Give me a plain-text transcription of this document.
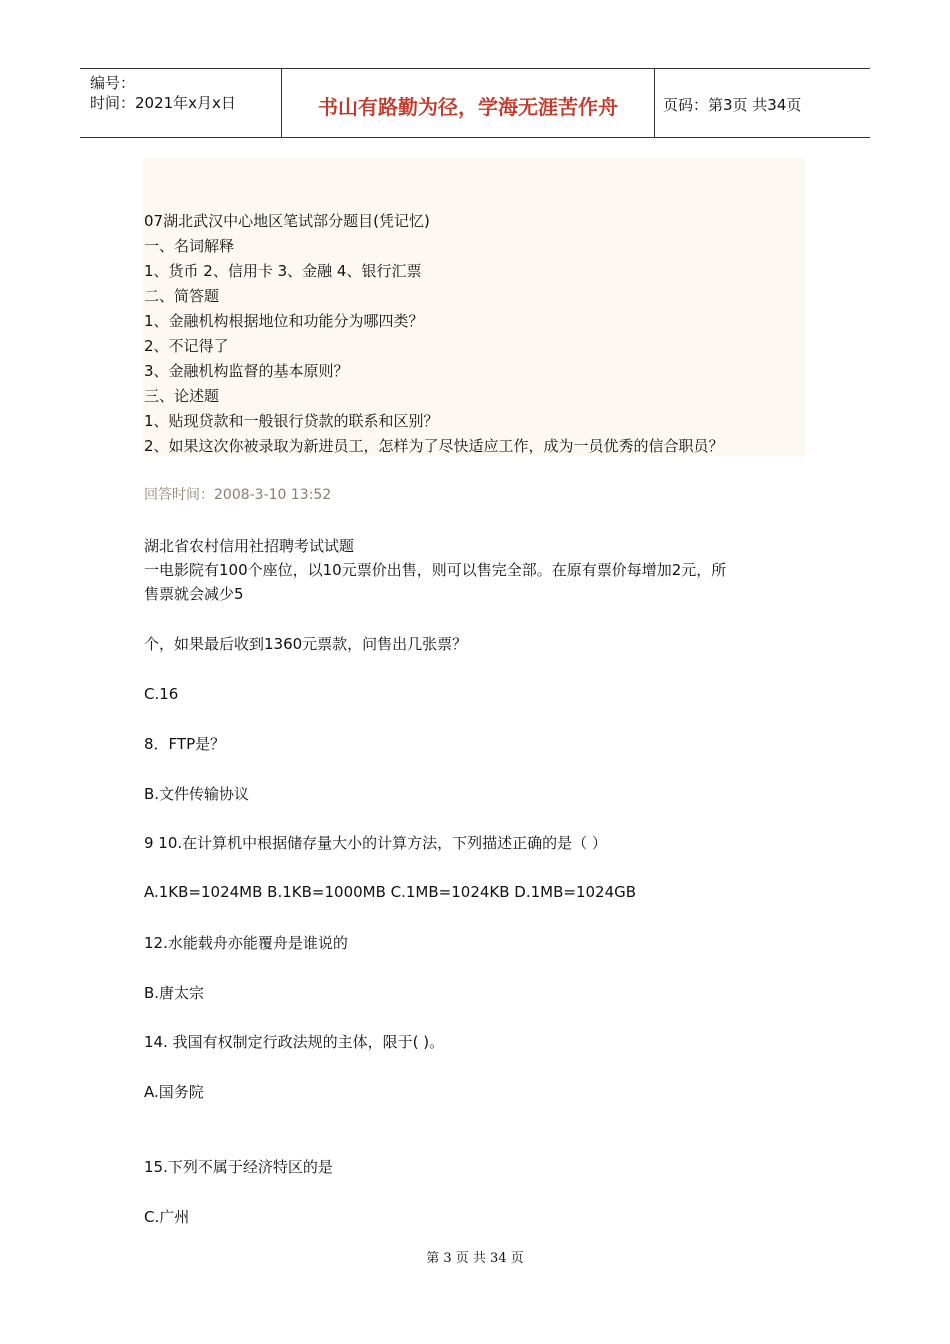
编号：
时间：2021年x月x日	书山有路勤为径，学海无涯苦作舟	页码：第3页 共34页
07湖北武汉中心地区笔试部分题目(凭记忆)
一、名词解释
1、货币 2、信用卡 3、金融 4、银行汇票
二、简答题
1、金融机构根据地位和功能分为哪四类？
2、不记得了
3、金融机构监督的基本原则？
三、论述题
1、贴现贷款和一般银行贷款的联系和区别？
2、如果这次你被录取为新进员工，怎样为了尽快适应工作，成为一员优秀的信合职员？
回答时间：2008-3-10 13:52
湖北省农村信用社招聘考试试题
一电影院有100个座位，以10元票价出售，则可以售完全部。在原有票价每增加2元，所
售票就会减少5
个，如果最后收到1360元票款，问售出几张票？
C.16
8．FTP是？
B.文件传输协议
9 10.在计算机中根据储存量大小的计算方法，下列描述正确的是（ ）
A.1KB=1024MB B.1KB=1000MB C.1MB=1024KB D.1MB=1024GB
12.水能载舟亦能覆舟是谁说的
B.唐太宗
14. 我国有权制定行政法规的主体，限于( )。
A.国务院
15.下列不属于经济特区的是
C.广州
第 3 页 共 34 页
